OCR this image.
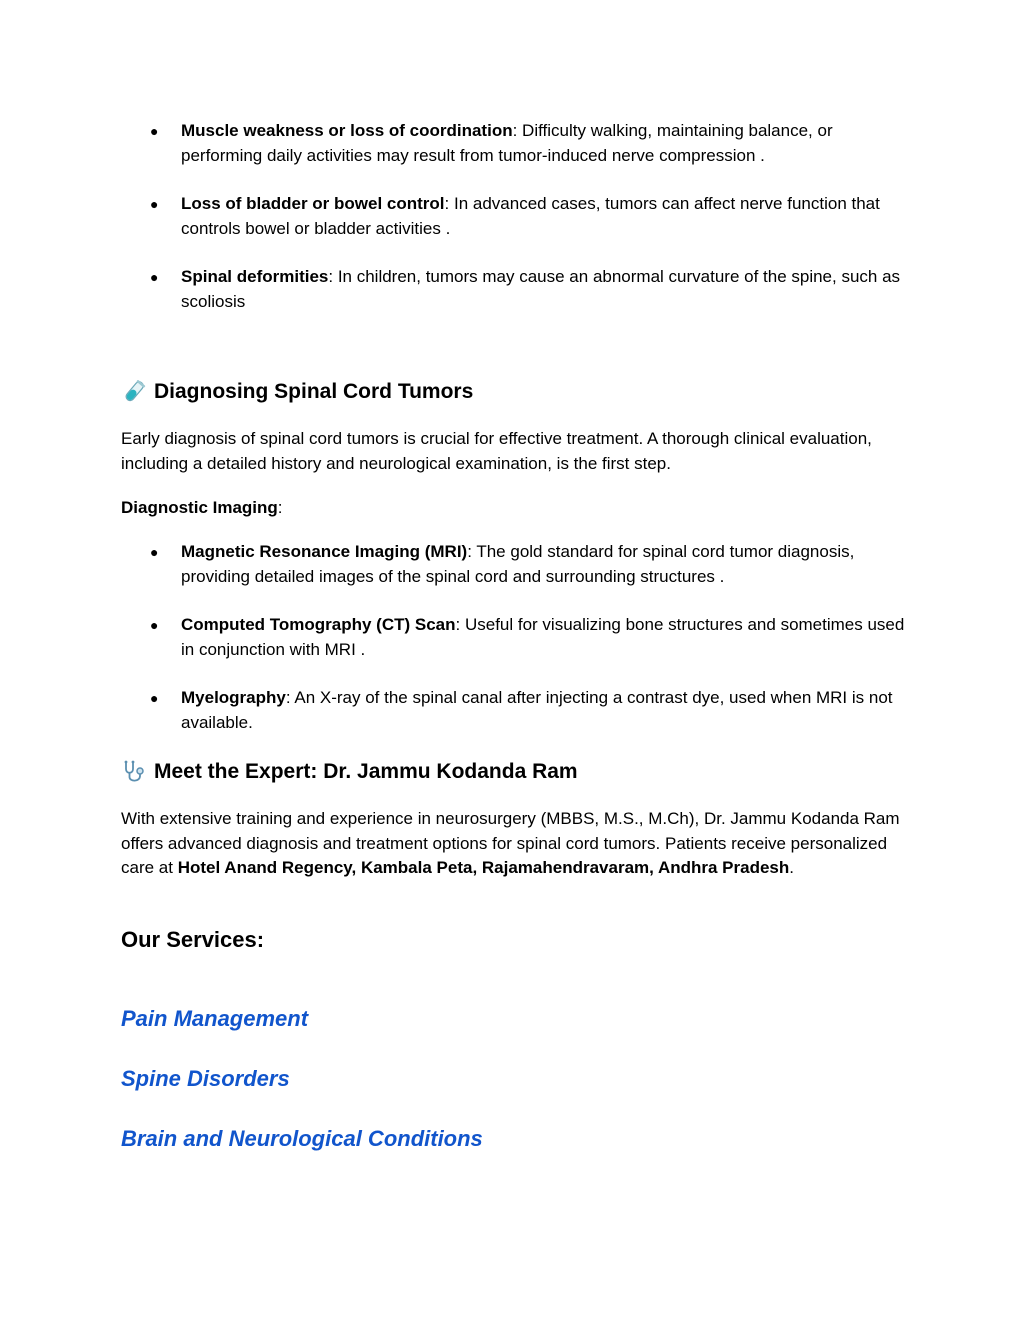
● Muscle weakness or loss of coordination: Difficulty walking, maintaining balance, or performing daily activities may result from tumor-induced nerve compression .
● Loss of bladder or bowel control: In advanced cases, tumors can affect nerve function that controls bowel or bladder activities .
● Spinal deformities: In children, tumors may cause an abnormal curvature of the spine, such as scoliosis
Diagnosing Spinal Cord Tumors
Early diagnosis of spinal cord tumors is crucial for effective treatment. A thorough clinical evaluation, including a detailed history and neurological examination, is the first step.
Diagnostic Imaging:
● Magnetic Resonance Imaging (MRI): The gold standard for spinal cord tumor diagnosis, providing detailed images of the spinal cord and surrounding structures .
● Computed Tomography (CT) Scan: Useful for visualizing bone structures and sometimes used in conjunction with MRI .
● Myelography: An X-ray of the spinal canal after injecting a contrast dye, used when MRI is not available.
Meet the Expert: Dr. Jammu Kodanda Ram
With extensive training and experience in neurosurgery (MBBS, M.S., M.Ch), Dr. Jammu Kodanda Ram offers advanced diagnosis and treatment options for spinal cord tumors. Patients receive personalized care at Hotel Anand Regency, Kambala Peta, Rajamahendravaram, Andhra Pradesh.
Our Services:
Pain Management
Spine Disorders
Brain and Neurological Conditions
